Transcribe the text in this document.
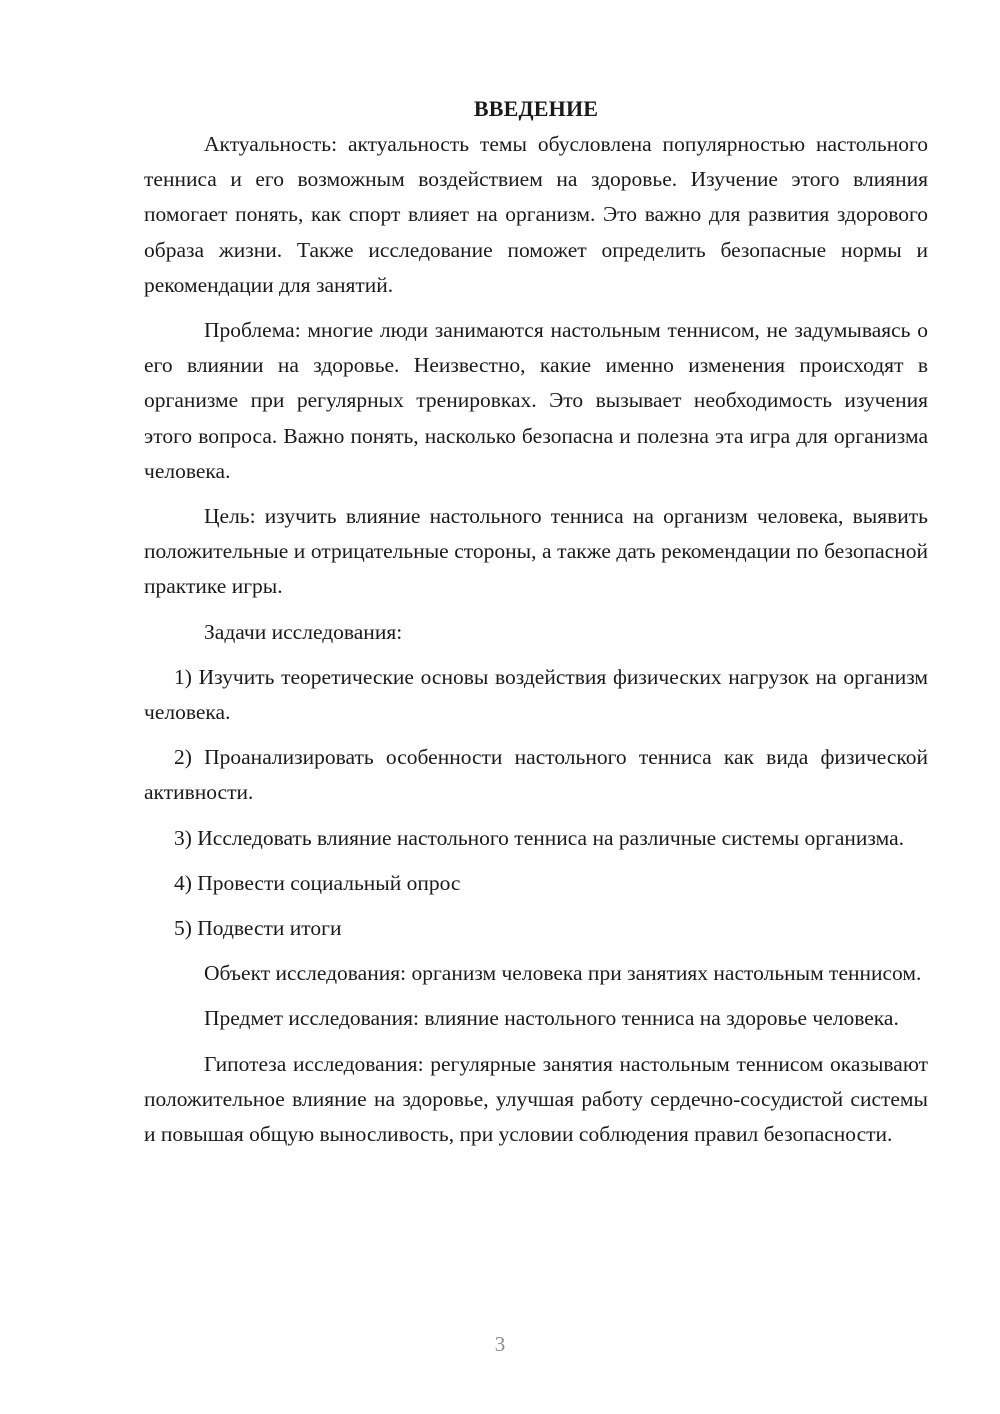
ВВЕДЕНИЕ

Актуальность: актуальность темы обусловлена популярностью настольного тенниса и его возможным воздействием на здоровье. Изучение этого влияния помогает понять, как спорт влияет на организм. Это важно для развития здорового образа жизни. Также исследование поможет определить безопасные нормы и рекомендации для занятий.

Проблема: многие люди занимаются настольным теннисом, не задумываясь о его влиянии на здоровье. Неизвестно, какие именно изменения происходят в организме при регулярных тренировках. Это вызывает необходимость изучения этого вопроса. Важно понять, насколько безопасна и полезна эта игра для организма человека.

Цель: изучить влияние настольного тенниса на организм человека, выявить положительные и отрицательные стороны, а также дать рекомендации по безопасной практике игры.

Задачи исследования:

1) Изучить теоретические основы воздействия физических нагрузок на организм человека.

2) Проанализировать особенности настольного тенниса как вида физической активности.

3) Исследовать влияние настольного тенниса на различные системы организма.

4) Провести социальный опрос

5) Подвести итоги

Объект исследования: организм человека при занятиях настольным теннисом.

Предмет исследования: влияние настольного тенниса на здоровье человека.

Гипотеза исследования: регулярные занятия настольным теннисом оказывают положительное влияние на здоровье, улучшая работу сердечно-сосудистой системы и повышая общую выносливость, при условии соблюдения правил безопасности.

3
